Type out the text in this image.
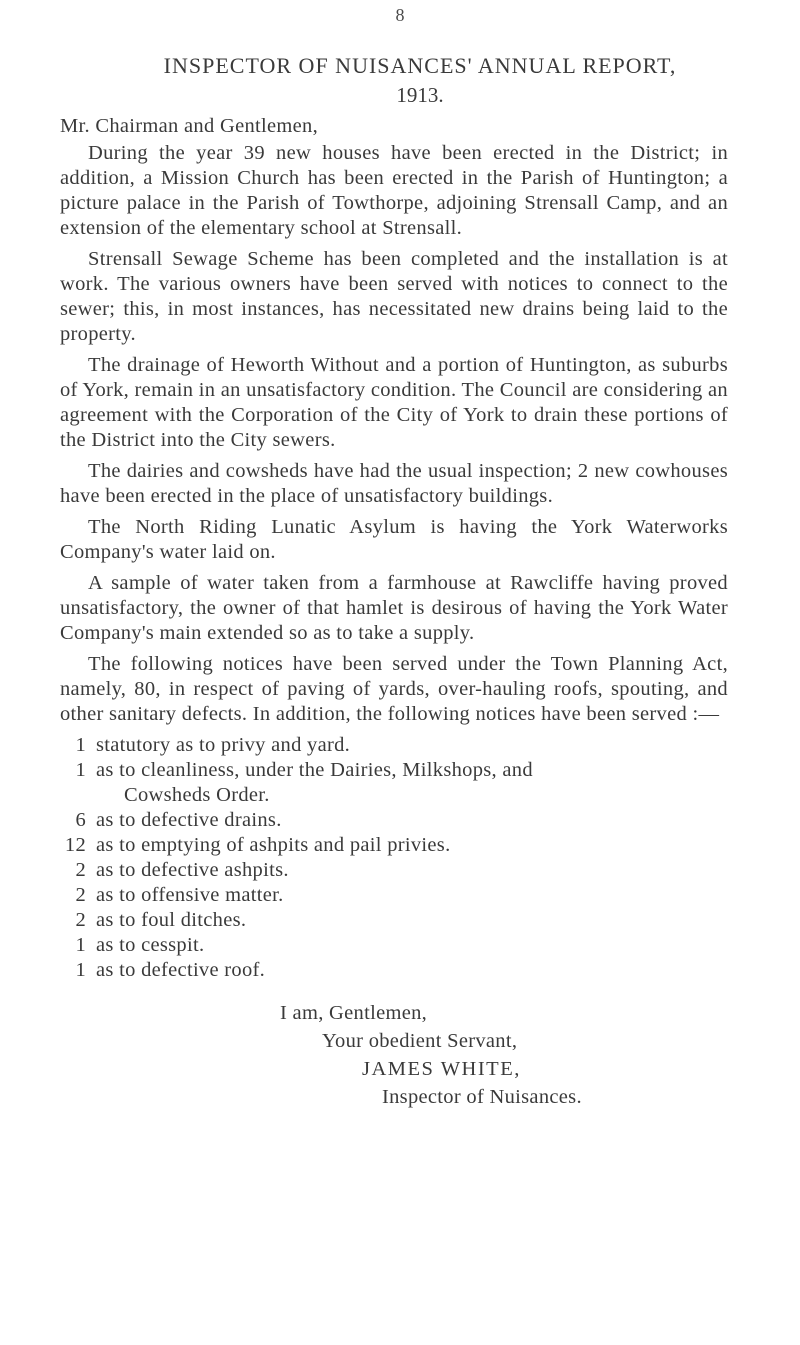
8
INSPECTOR OF NUISANCES' ANNUAL REPORT,
1913.

Mr. Chairman and Gentlemen,

During the year 39 new houses have been erected in the District; in addition, a Mission Church has been erected in the Parish of Huntington; a picture palace in the Parish of Towthorpe, adjoining Strensall Camp, and an extension of the elementary school at Strensall.

Strensall Sewage Scheme has been completed and the installation is at work. The various owners have been served with notices to connect to the sewer; this, in most instances, has necessitated new drains being laid to the property.

The drainage of Heworth Without and a portion of Huntington, as suburbs of York, remain in an unsatisfactory condition. The Council are considering an agreement with the Corporation of the City of York to drain these portions of the District into the City sewers.

The dairies and cowsheds have had the usual inspection; 2 new cowhouses have been erected in the place of unsatisfactory buildings.

The North Riding Lunatic Asylum is having the York Waterworks Company's water laid on.

A sample of water taken from a farmhouse at Rawcliffe having proved unsatisfactory, the owner of that hamlet is desirous of having the York Water Company's main extended so as to take a supply.

The following notices have been served under the Town Planning Act, namely, 80, in respect of paving of yards, over-hauling roofs, spouting, and other sanitary defects. In addition, the following notices have been served :—

1 statutory as to privy and yard.
1 as to cleanliness, under the Dairies, Milkshops, and
Cowsheds Order.
6 as to defective drains.
12 as to emptying of ashpits and pail privies.
2 as to defective ashpits.
2 as to offensive matter.
2 as to foul ditches.
1 as to cesspit.
1 as to defective roof.
I am, Gentlemen,
Your obedient Servant,
JAMES WHITE,
Inspector of Nuisances.
